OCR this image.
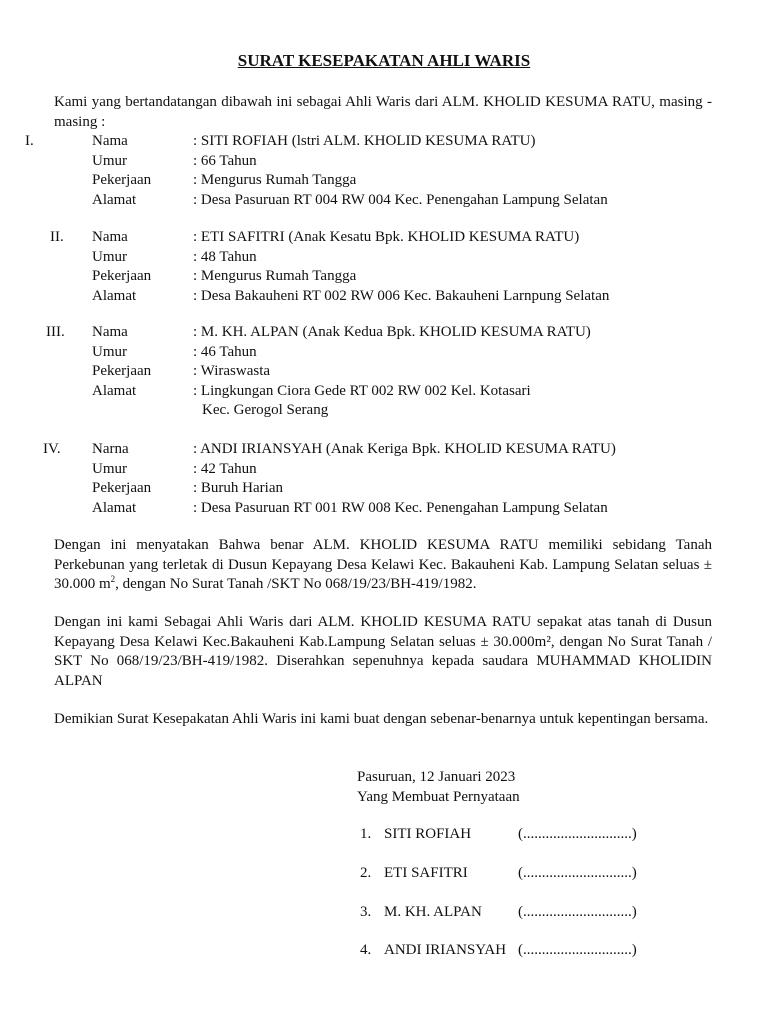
SURAT KESEPAKATAN AHLI WARIS
Kami yang bertandatangan dibawah ini sebagai Ahli Waris dari ALM. KHOLID KESUMA RATU, masing - masing :
I.	Nama	: SITI ROFIAH (lstri ALM. KHOLID KESUMA RATU)
Umur	: 66 Tahun
Pekerjaan	: Mengurus Rumah Tangga
Alamat	: Desa Pasuruan RT 004 RW 004 Kec. Penengahan Lampung Selatan
II. Nama	: ETI SAFITRI (Anak Kesatu Bpk. KHOLID KESUMA RATU)
Umur	: 48 Tahun
Pekerjaan	: Mengurus Rumah Tangga
Alamat	: Desa Bakauheni RT 002 RW 006 Kec. Bakauheni Larnpung Selatan
III. Nama	: M. KH. ALPAN (Anak Kedua Bpk. KHOLID KESUMA RATU)
Umur	: 46 Tahun
Pekerjaan	: Wiraswasta
Alamat	: Lingkungan Ciora Gede RT 002 RW 002 Kel. Kotasari
Kec. Gerogol Serang
IV. Narna	: ANDI IRIANSYAH (Anak Keriga Bpk. KHOLID KESUMA RATU)
Umur	: 42 Tahun
Pekerjaan	: Buruh Harian
Alamat	: Desa Pasuruan RT 001 RW 008 Kec. Penengahan Lampung Selatan
Dengan ini menyatakan Bahwa benar ALM. KHOLID KESUMA RATU memiliki sebidang Tanah Perkebunan yang terletak di Dusun Kepayang Desa Kelawi Kec. Bakauheni Kab. Lampung Selatan seluas ± 30.000 $m^2$, dengan No Surat Tanah /SKT No 068/19/23/BH-419/1982.
Dengan ini kami Sebagai Ahli Waris dari ALM. KHOLID KESUMA RATU sepakat atas tanah di Dusun Kepayang Desa Kelawi Kec.Bakauheni Kab.Lampung Selatan seluas ± 30.000m², dengan No Surat Tanah / SKT No 068/19/23/BH-419/1982. Diserahkan sepenuhnya kepada saudara MUHAMMAD KHOLIDIN ALPAN
Demikian Surat Kesepakatan Ahli Waris ini kami buat dengan sebenar-benarnya untuk kepentingan bersama.
Pasuruan, 12 Januari 2023
Yang Membuat Pernyataan
1. SITI ROFIAH	(.............................)
2. ETI SAFITRI	(.............................)
3. M. KH. ALPAN (.............................)
4. ANDI IRIANSYAH (.............................)
